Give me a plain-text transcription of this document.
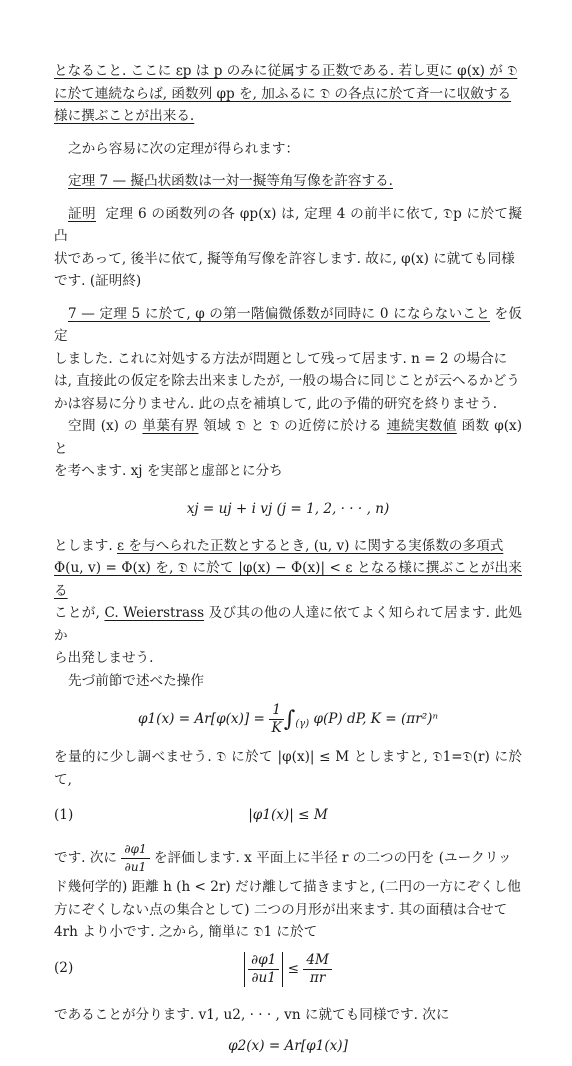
となること. ここに εp は p のみに従属する正数である. 若し更に φ(x) が 𝔇

に於て連続ならば, 函数列 φp を, 加ふるに 𝔇 の各点に於て斉一に収斂する

様に撰ぶことが出来る.

之から容易に次の定理が得られます：

定理 7 — 擬凸状函数は一対一擬等角写像を許容する.

証明 定理 6 の函数列の各 φp(x) は, 定理 4 の前半に依て, 𝔇p に於て擬凸

状であって, 後半に依て, 擬等角写像を許容します. 故に, φ(x) に就ても同様

です. (証明終)

7 — 定理 5 に於て, φ の第一階偏微係数が同時に 0 にならないこと を仮定

しました. これに対処する方法が問題として残って居ます. n = 2 の場合に

は, 直接此の仮定を除去出来ましたが, 一般の場合に同じことが云へるかどう

かは容易に分りません. 此の点を補填して, 此の予備的研究を終りませう.

空間 (x) の 単葉有界 領域 𝔇 と 𝔇 の近傍に於ける 連続実数値 函数 φ(x) と

を考へます. xj を実部と虚部とに分ち

xj = uj + i vj (j = 1, 2, · · · , n)

とします. ε を与へられた正数とするとき, (u, v) に関する実係数の多項式

Φ(u, v) = Φ(x) を, 𝔇 に於て |φ(x) − Φ(x)| < ε となる様に撰ぶことが出来る

ことが, C. Weierstrass 及び其の他の人達に依てよく知られて居ます. 此処か

ら出発しませう.

先づ前節で述べた操作

$\varphi 1(x) = Ar[\varphi(x)] = \frac{1}{K} \int_{(\gamma)}$ φ(P) dP, K = (πr²)ⁿ

を量的に少し調べませう. 𝔇 に於て |φ(x)| ≤ M としますと, 𝔇1=𝔇(r) に於て,

(1)	|φ1(x)| ≤ M

です. 次に $\frac{\partial\varphi 1}{\partial u1}$ を評価します. x 平面上に半径 r の二つの円を (ユークリッ

ド幾何学的) 距離 h (h < 2r) だけ離して描きますと, (二円の一方にぞくし他

方にぞくしない点の集合として) 二つの月形が出来ます. 其の面積は合せて

4rh より小です. 之から, 簡単に 𝔇1 に於て

(2)	$\frac{\partial\varphi 1}{\partial u1} \le \frac{4M}{\pi r}$

であることが分ります. v1, u2, · · · , vn に就ても同様です. 次に

φ2(x) = Ar[φ1(x)]
